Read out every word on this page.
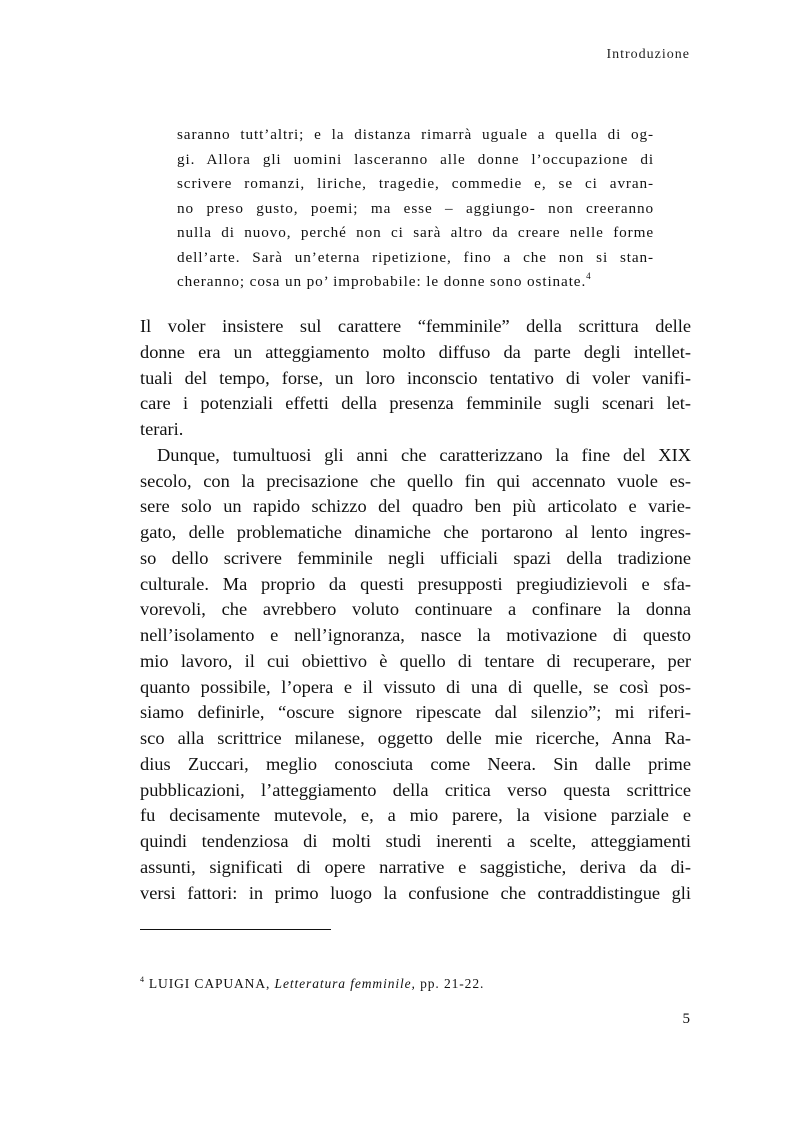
Introduzione
saranno tutt’altri; e la distanza rimarrà uguale a quella di og-
gi. Allora gli uomini lasceranno alle donne l’occupazione di
scrivere romanzi, liriche, tragedie, commedie e, se ci avran-
no preso gusto, poemi; ma esse – aggiungo- non creeranno
nulla di nuovo, perché non ci sarà altro da creare nelle forme
dell’arte. Sarà un’eterna ripetizione, fino a che non si stan-
cheranno; cosa un po’ improbabile: le donne sono ostinate.$^4$
Il voler insistere sul carattere “femminile” della scrittura delle
donne era un atteggiamento molto diffuso da parte degli intellet-
tuali del tempo, forse, un loro inconscio tentativo di voler vanifi-
care i potenziali effetti della presenza femminile sugli scenari let-
terari.
Dunque, tumultuosi gli anni che caratterizzano la fine del XIX
secolo, con la precisazione che quello fin qui accennato vuole es-
sere solo un rapido schizzo del quadro ben più articolato e varie-
gato, delle problematiche dinamiche che portarono al lento ingres-
so dello scrivere femminile negli ufficiali spazi della tradizione
culturale. Ma proprio da questi presupposti pregiudizievoli e sfa-
vorevoli, che avrebbero voluto continuare a confinare la donna
nell’isolamento e nell’ignoranza, nasce la motivazione di questo
mio lavoro, il cui obiettivo è quello di tentare di recuperare, per
quanto possibile, l’opera e il vissuto di una di quelle, se così pos-
siamo definirle, “oscure signore ripescate dal silenzio”; mi riferi-
sco alla scrittrice milanese, oggetto delle mie ricerche, Anna Ra-
dius Zuccari, meglio conosciuta come Neera. Sin dalle prime
pubblicazioni, l’atteggiamento della critica verso questa scrittrice
fu decisamente mutevole, e, a mio parere, la visione parziale e
quindi tendenziosa di molti studi inerenti a scelte, atteggiamenti
assunti, significati di opere narrative e saggistiche, deriva da di-
versi fattori: in primo luogo la confusione che contraddistingue gli
$^4$ LUIGI CAPUANA, Letteratura femminile, pp. 21-22.
5
